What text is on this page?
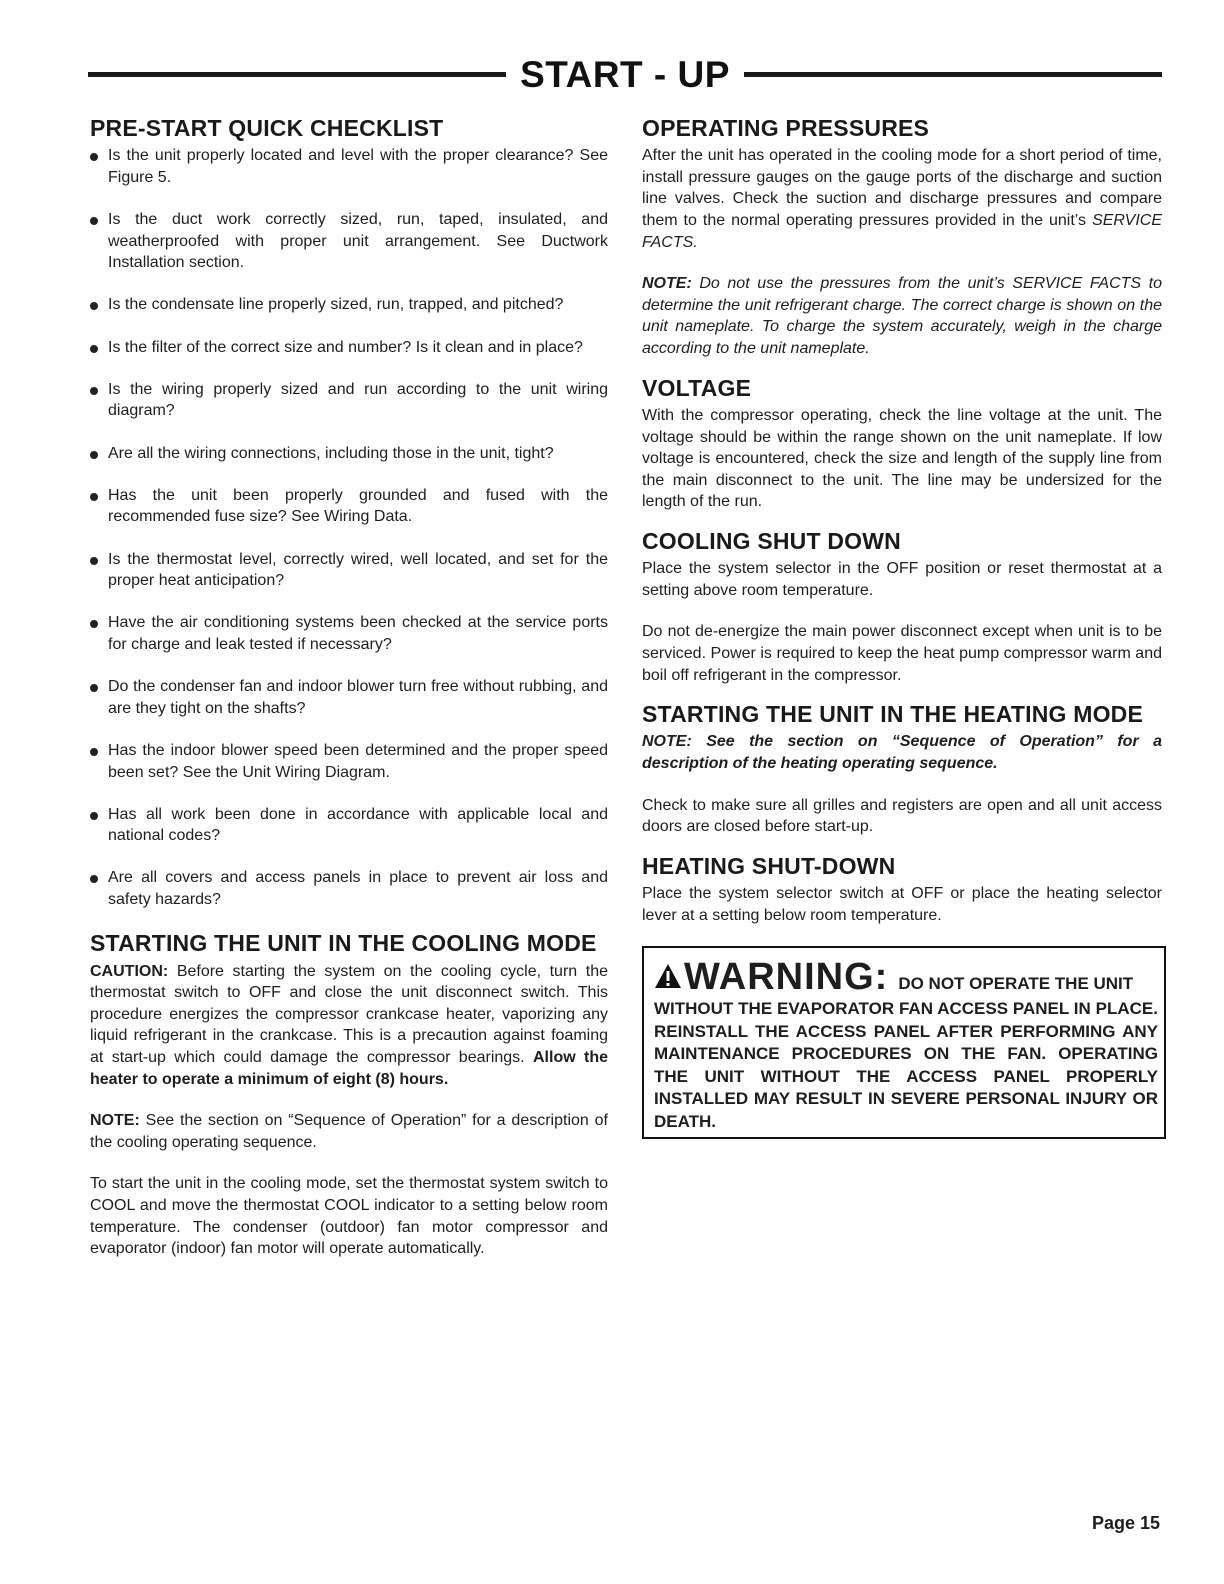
START - UP
PRE-START QUICK CHECKLIST
Is the unit properly located and level with the proper clearance? See Figure 5.
Is the duct work correctly sized, run, taped, insulated, and weatherproofed with proper unit arrangement. See Ductwork Installation section.
Is the condensate line properly sized, run, trapped, and pitched?
Is the filter of the correct size and number? Is it clean and in place?
Is the wiring properly sized and run according to the unit wiring diagram?
Are all the wiring connections, including those in the unit, tight?
Has the unit been properly grounded and fused with the recommended fuse size? See Wiring Data.
Is the thermostat level, correctly wired, well located, and set for the proper heat anticipation?
Have the air conditioning systems been checked at the service ports for charge and leak tested if necessary?
Do the condenser fan and indoor blower turn free without rubbing, and are they tight on the shafts?
Has the indoor blower speed been determined and the proper speed been set? See the Unit Wiring Diagram.
Has all work been done in accordance with applicable local and national codes?
Are all covers and access panels in place to prevent air loss and safety hazards?
STARTING THE UNIT IN THE COOLING MODE

CAUTION: Before starting the system on the cooling cycle, turn the thermostat switch to OFF and close the unit disconnect switch. This procedure energizes the compressor crankcase heater, vaporizing any liquid refrigerant in the crankcase. This is a precaution against foaming at start-up which could damage the compressor bearings. Allow the heater to operate a minimum of eight (8) hours.

NOTE: See the section on “Sequence of Operation” for a description of the cooling operating sequence.

To start the unit in the cooling mode, set the thermostat system switch to COOL and move the thermostat COOL indicator to a setting below room temperature. The condenser (outdoor) fan motor compressor and evaporator (indoor) fan motor will operate automatically.

OPERATING PRESSURES

After the unit has operated in the cooling mode for a short period of time, install pressure gauges on the gauge ports of the discharge and suction line valves. Check the suction and discharge pressures and compare them to the normal operating pressures provided in the unit’s SERVICE FACTS.

NOTE: Do not use the pressures from the unit’s SERVICE FACTS to determine the unit refrigerant charge. The correct charge is shown on the unit nameplate. To charge the system accurately, weigh in the charge according to the unit nameplate.

VOLTAGE

With the compressor operating, check the line voltage at the unit. The voltage should be within the range shown on the unit nameplate. If low voltage is encountered, check the size and length of the supply line from the main disconnect to the unit. The line may be undersized for the length of the run.

COOLING SHUT DOWN

Place the system selector in the OFF position or reset thermostat at a setting above room temperature.

Do not de-energize the main power disconnect except when unit is to be serviced. Power is required to keep the heat pump compressor warm and boil off refrigerant in the compressor.

STARTING THE UNIT IN THE HEATING MODE

NOTE: See the section on “Sequence of Operation” for a description of the heating operating sequence.

Check to make sure all grilles and registers are open and all unit access doors are closed before start-up.

HEATING SHUT-DOWN

Place the system selector switch at OFF or place the heating selector lever at a setting below room temperature.

WARNING: DO NOT OPERATE THE UNIT
WITHOUT THE EVAPORATOR FAN ACCESS PANEL IN PLACE. REINSTALL THE ACCESS PANEL AFTER PERFORMING ANY MAINTENANCE PROCEDURES ON THE FAN. OPERATING THE UNIT WITHOUT THE ACCESS PANEL PROPERLY INSTALLED MAY RESULT IN SEVERE PERSONAL INJURY OR DEATH.
Page 15
